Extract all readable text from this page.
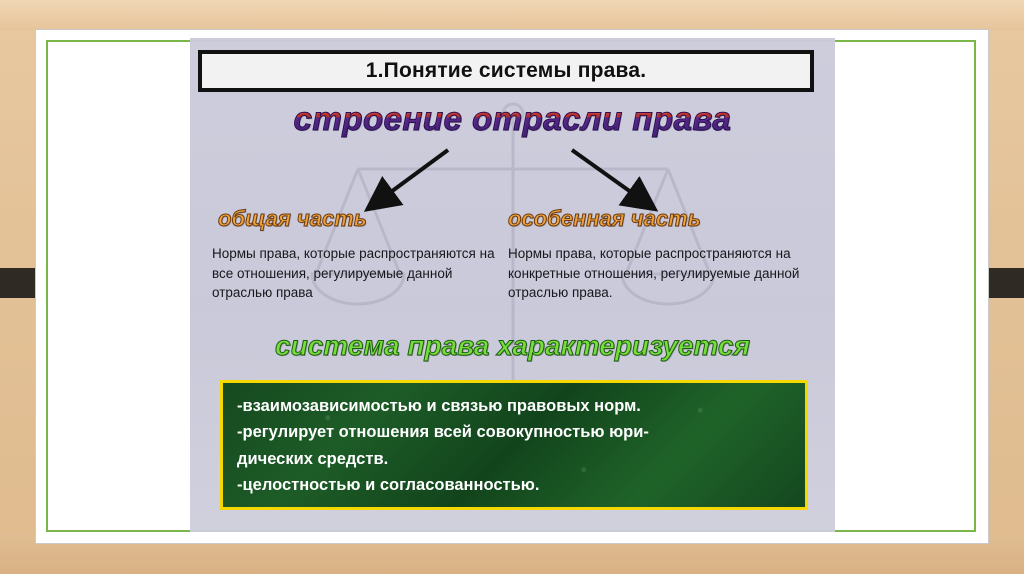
1.Понятие системы права.
строение отрасли права
общая часть
Нормы права, которые распространяются на все отношения, регулируемые данной отраслью права
особенная часть
Нормы права, которые распространяются на конкретные отношения, регулируемые данной отраслью права.
система права характеризуется

-взаимозависимостью и связью правовых норм.

-регулирует отношения всей совокупностью юри-

дических средств.

-целостностью и согласованностью.
